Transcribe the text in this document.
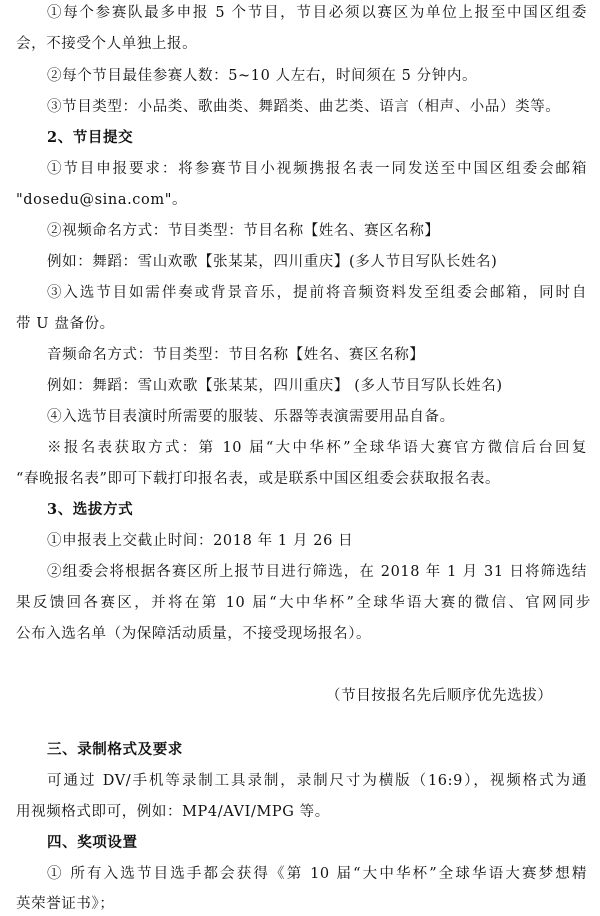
①每个参赛队最多申报 5 个节目，节目必须以赛区为单位上报至中国区组委
会，不接受个人单独上报。
②每个节目最佳参赛人数：5~10 人左右，时间须在 5 分钟内。
③节目类型：小品类、歌曲类、舞蹈类、曲艺类、语言（相声、小品）类等。
2、节目提交
①节目申报要求：将参赛节目小视频携报名表一同发送至中国区组委会邮箱
"dosedu@sina.com"。
②视频命名方式：节目类型：节目名称【姓名、赛区名称】
例如：舞蹈：雪山欢歌【张某某，四川重庆】(多人节目写队长姓名)
③入选节目如需伴奏或背景音乐，提前将音频资料发至组委会邮箱，同时自
带 U 盘备份。
音频命名方式：节目类型：节目名称【姓名、赛区名称】
例如：舞蹈：雪山欢歌【张某某，四川重庆】 (多人节目写队长姓名)
④入选节目表演时所需要的服装、乐器等表演需要用品自备。
※报名表获取方式：第 10 届“大中华杯”全球华语大赛官方微信后台回复
“春晚报名表”即可下载打印报名表，或是联系中国区组委会获取报名表。
3、选拔方式
①申报表上交截止时间：2018 年 1 月 26 日
②组委会将根据各赛区所上报节目进行筛选，在 2018 年 1 月 31 日将筛选结
果反馈回各赛区，并将在第 10 届“大中华杯”全球华语大赛的微信、官网同步
公布入选名单（为保障活动质量，不接受现场报名）。
（节目按报名先后顺序优先选拔）
三、录制格式及要求
可通过 DV/手机等录制工具录制，录制尺寸为横版（16:9），视频格式为通
用视频格式即可，例如：MP4/AVI/MPG 等。
四、奖项设置
① 所有入选节目选手都会获得《第 10 届“大中华杯”全球华语大赛梦想精
英荣誉证书》；
